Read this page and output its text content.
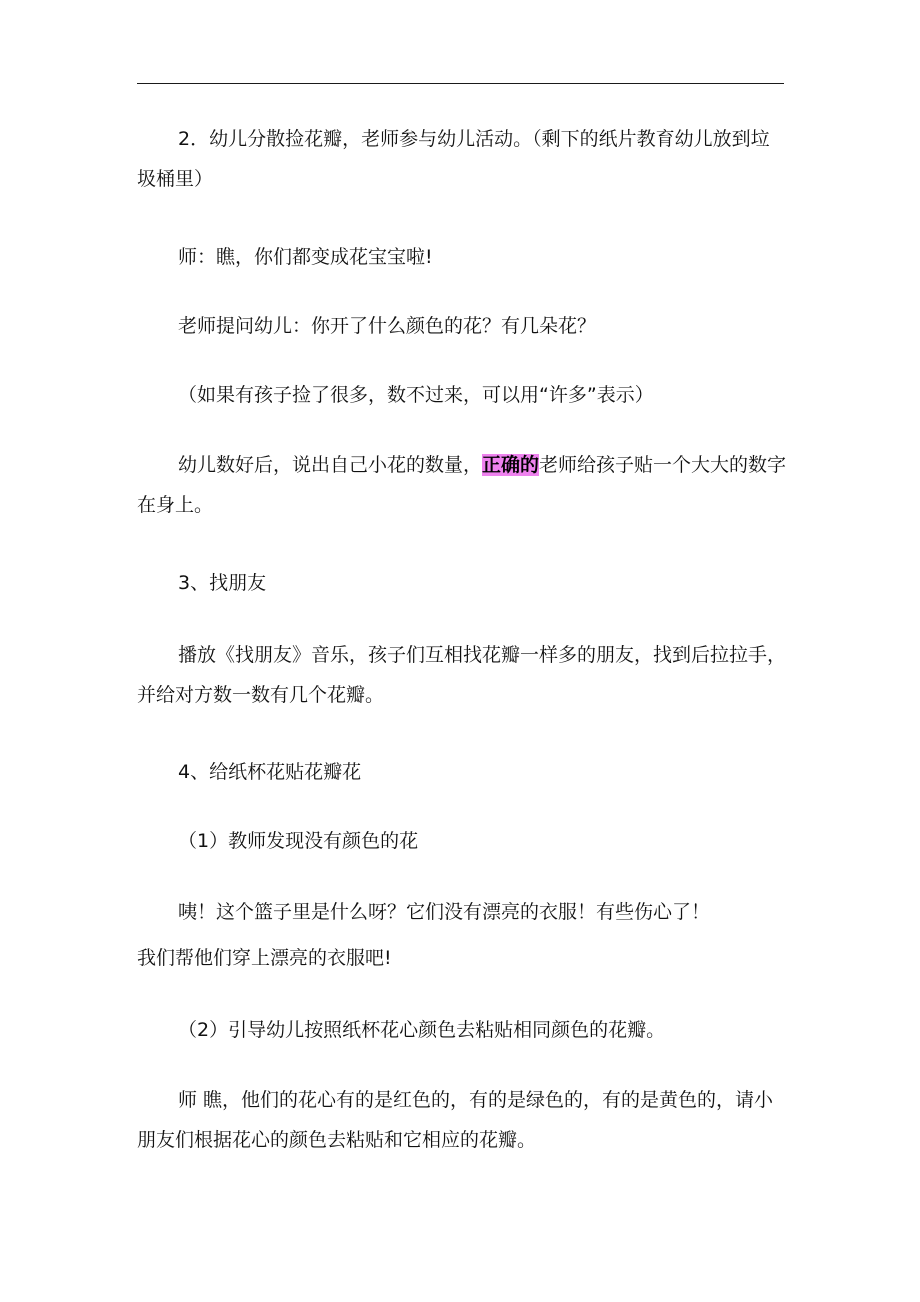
2．幼儿分散捡花瓣，老师参与幼儿活动。（剩下的纸片教育幼儿放到垃圾桶里）

师：瞧，你们都变成花宝宝啦!

老师提问幼儿：你开了什么颜色的花？有几朵花？

（如果有孩子捡了很多，数不过来，可以用“许多”表示）

幼儿数好后，说出自己小花的数量，正确的老师给孩子贴一个大大的数字在身上。

3、找朋友

播放《找朋友》音乐，孩子们互相找花瓣一样多的朋友，找到后拉拉手，并给对方数一数有几个花瓣。

4、给纸杯花贴花瓣花

（1）教师发现没有颜色的花

咦！这个篮子里是什么呀？它们没有漂亮的衣服！有些伤心了！

我们帮他们穿上漂亮的衣服吧!

（2）引导幼儿按照纸杯花心颜色去粘贴相同颜色的花瓣。

师 瞧，他们的花心有的是红色的，有的是绿色的，有的是黄色的，请小朋友们根据花心的颜色去粘贴和它相应的花瓣。
